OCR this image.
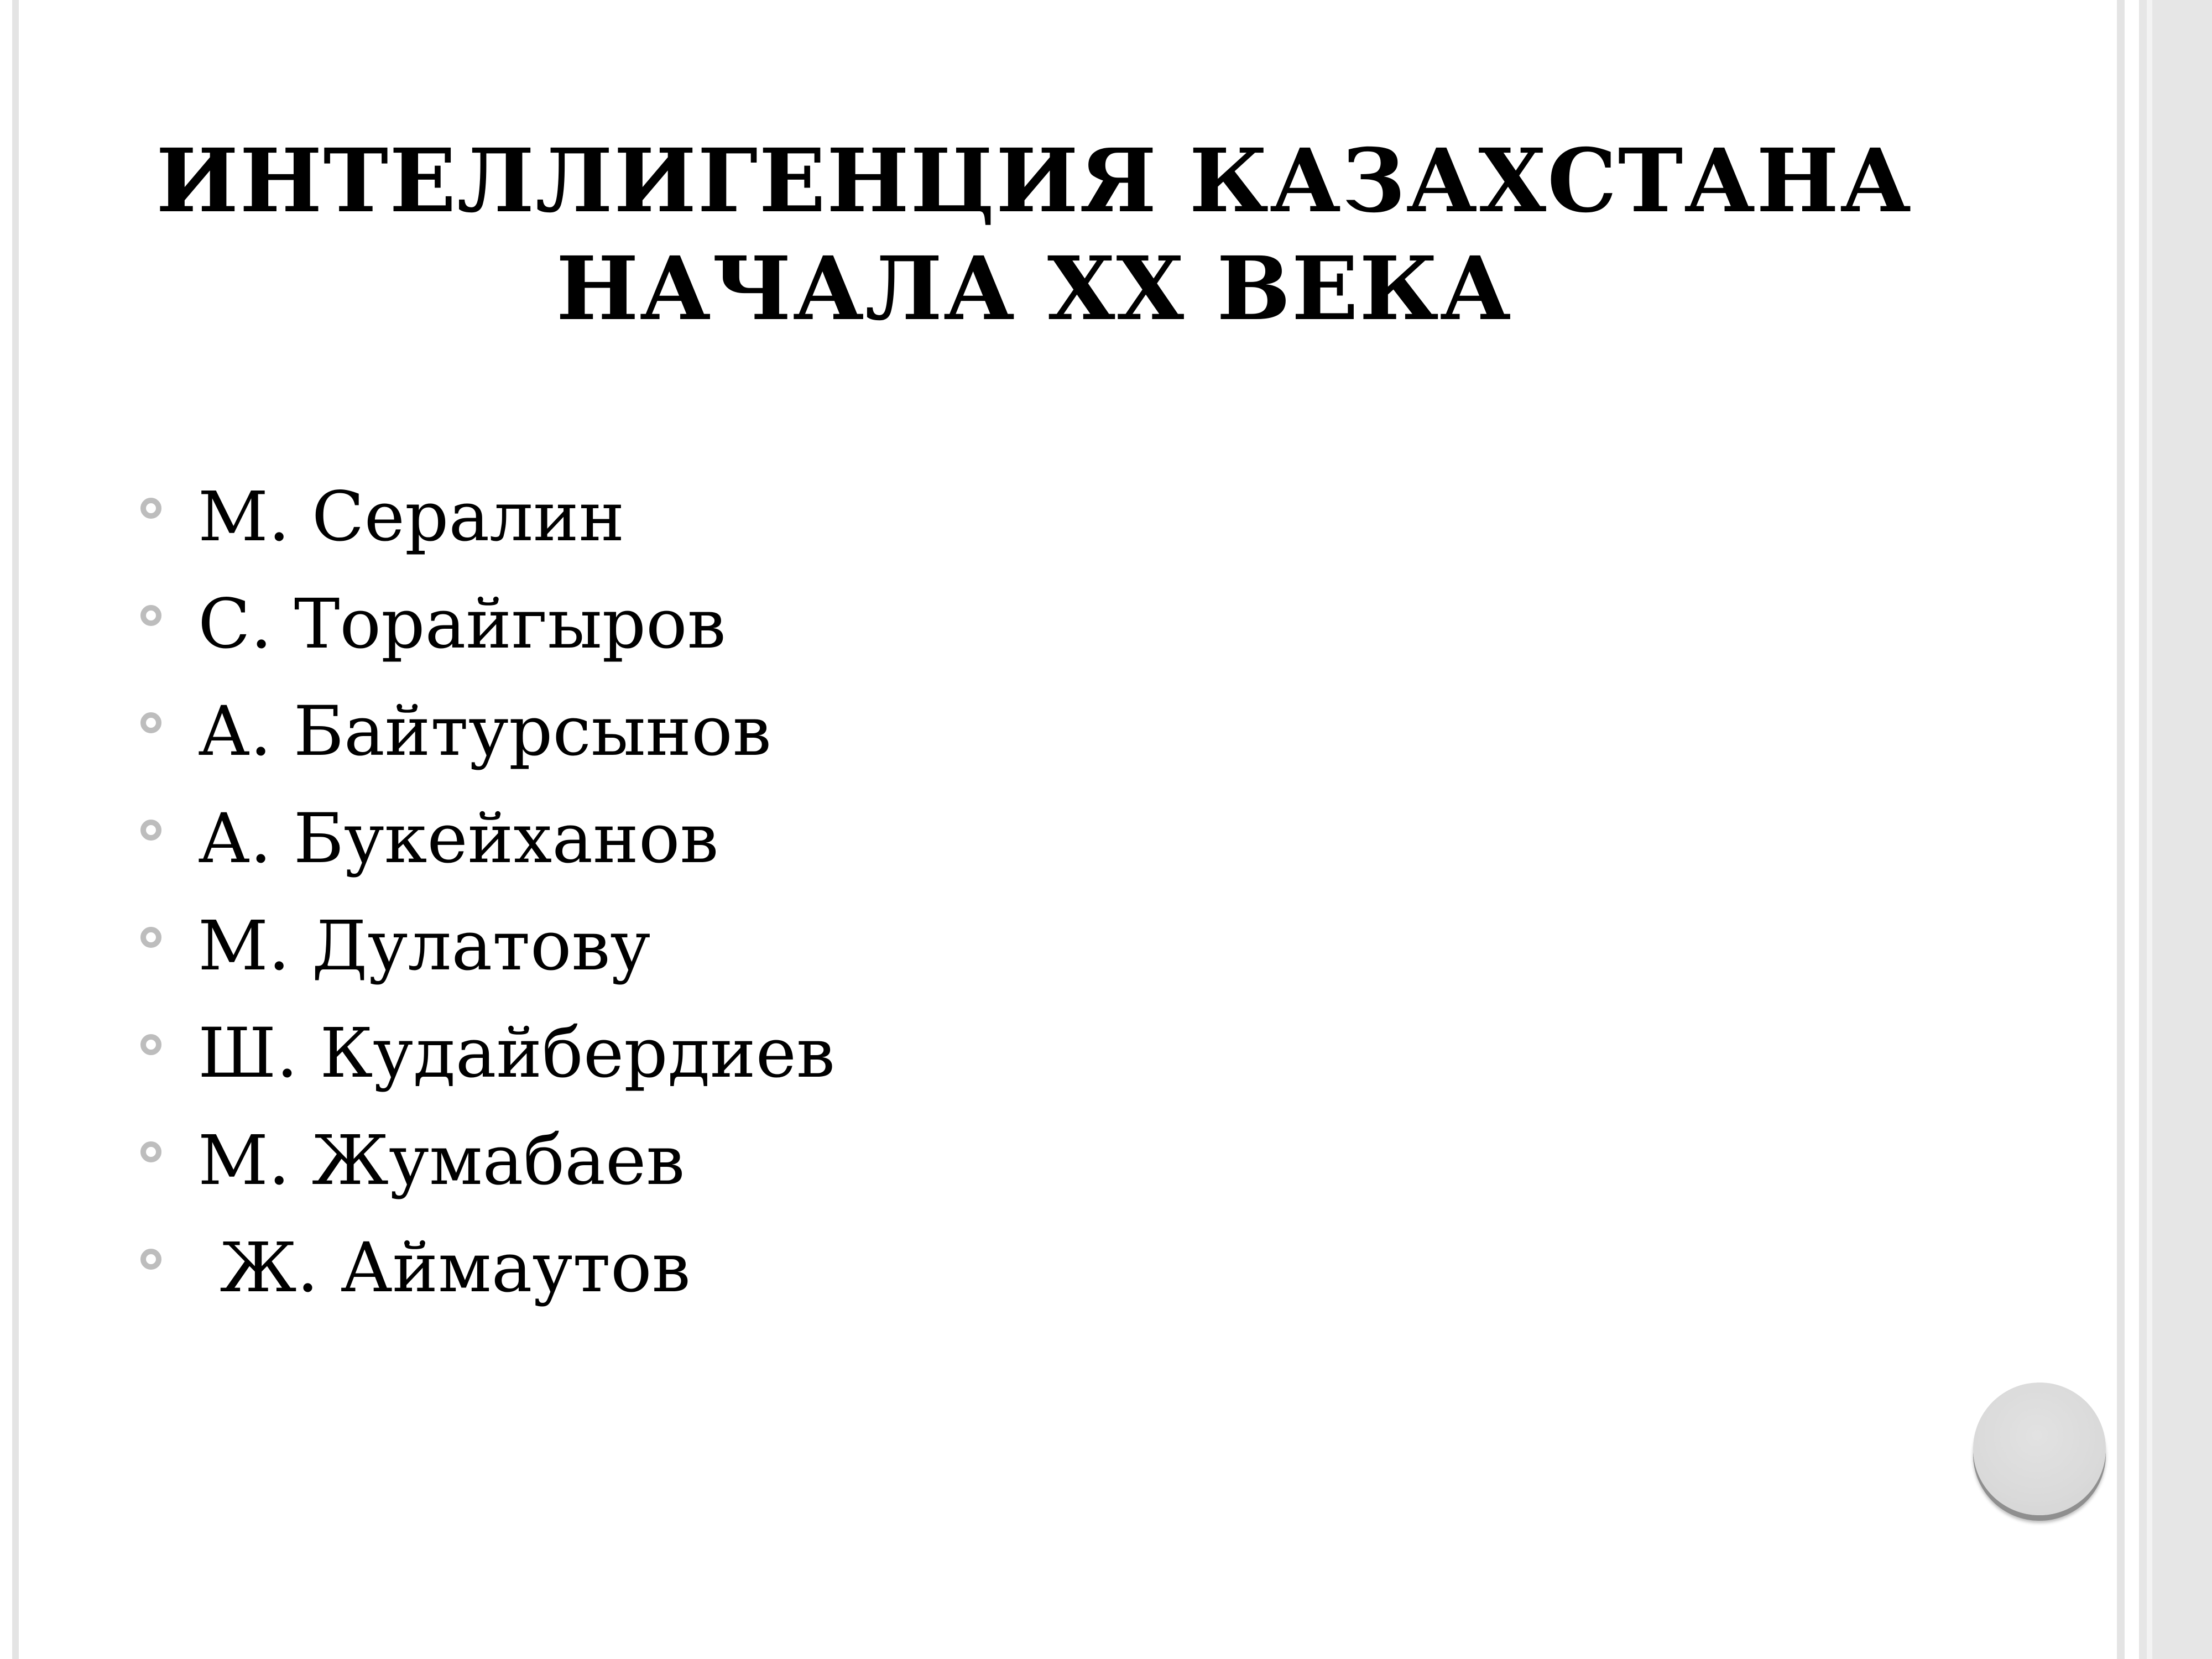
ИНТЕЛЛИГЕНЦИЯ КАЗАХСТАНА
НАЧАЛА XX ВЕКА
М. Сералин
С. Торайгыров
А. Байтурсынов
А. Букейханов
М. Дулатову
Ш. Кудайбердиев
М. Жумабаев
Ж. Аймаутов
